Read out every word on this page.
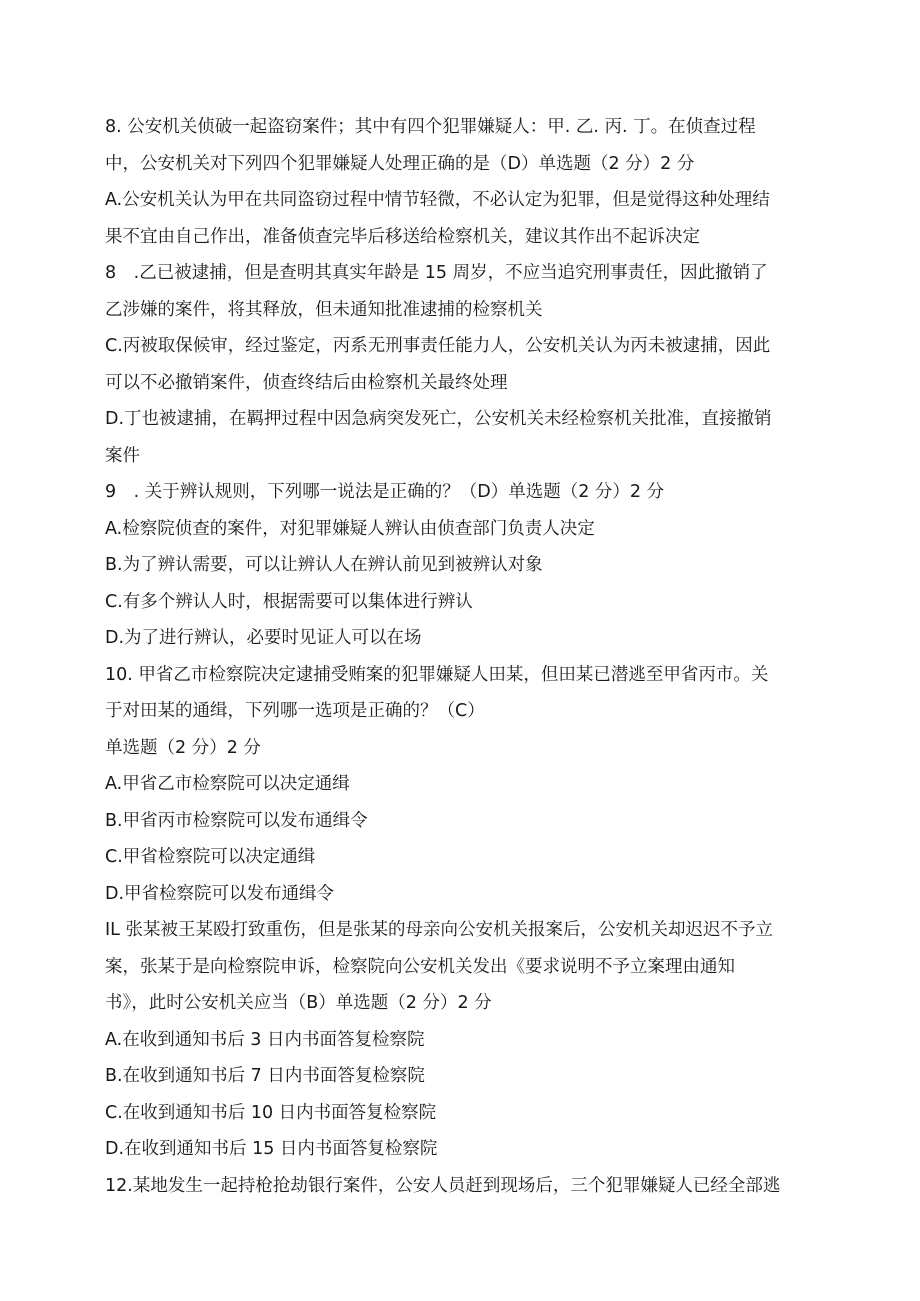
8. 公安机关侦破一起盗窃案件；其中有四个犯罪嫌疑人：甲. 乙. 丙. 丁。在侦查过程
中，公安机关对下列四个犯罪嫌疑人处理正确的是（D）单选题（2 分）2 分
A.公安机关认为甲在共同盗窃过程中情节轻微，不必认定为犯罪，但是觉得这种处理结
果不宜由自己作出，准备侦查完毕后移送给检察机关，建议其作出不起诉决定
8　.乙已被逮捕，但是查明其真实年龄是 15 周岁，不应当追究刑事责任，因此撤销了
乙涉嫌的案件，将其释放，但未通知批准逮捕的检察机关
C.丙被取保候审，经过鉴定，丙系无刑事责任能力人，公安机关认为丙未被逮捕，因此
可以不必撤销案件，侦查终结后由检察机关最终处理
D.丁也被逮捕，在羁押过程中因急病突发死亡，公安机关未经检察机关批准，直接撤销
案件
9　. 关于辨认规则，下列哪一说法是正确的？（D）单选题（2 分）2 分
A.检察院侦查的案件，对犯罪嫌疑人辨认由侦查部门负责人决定
B.为了辨认需要，可以让辨认人在辨认前见到被辨认对象
C.有多个辨认人时，根据需要可以集体进行辨认
D.为了进行辨认，必要时见证人可以在场
10. 甲省乙市检察院决定逮捕受贿案的犯罪嫌疑人田某，但田某已潜逃至甲省丙市。关
于对田某的通缉，下列哪一选项是正确的？（C）
单选题（2 分）2 分
A.甲省乙市检察院可以决定通缉
B.甲省丙市检察院可以发布通缉令
C.甲省检察院可以决定通缉
D.甲省检察院可以发布通缉令
IL 张某被王某殴打致重伤，但是张某的母亲向公安机关报案后，公安机关却迟迟不予立
案，张某于是向检察院申诉，检察院向公安机关发出《要求说明不予立案理由通知
书》，此时公安机关应当（B）单选题（2 分）2 分
A.在收到通知书后 3 日内书面答复检察院
B.在收到通知书后 7 日内书面答复检察院
C.在收到通知书后 10 日内书面答复检察院
D.在收到通知书后 15 日内书面答复检察院
12.某地发生一起持枪抢劫银行案件，公安人员赶到现场后，三个犯罪嫌疑人已经全部逃
